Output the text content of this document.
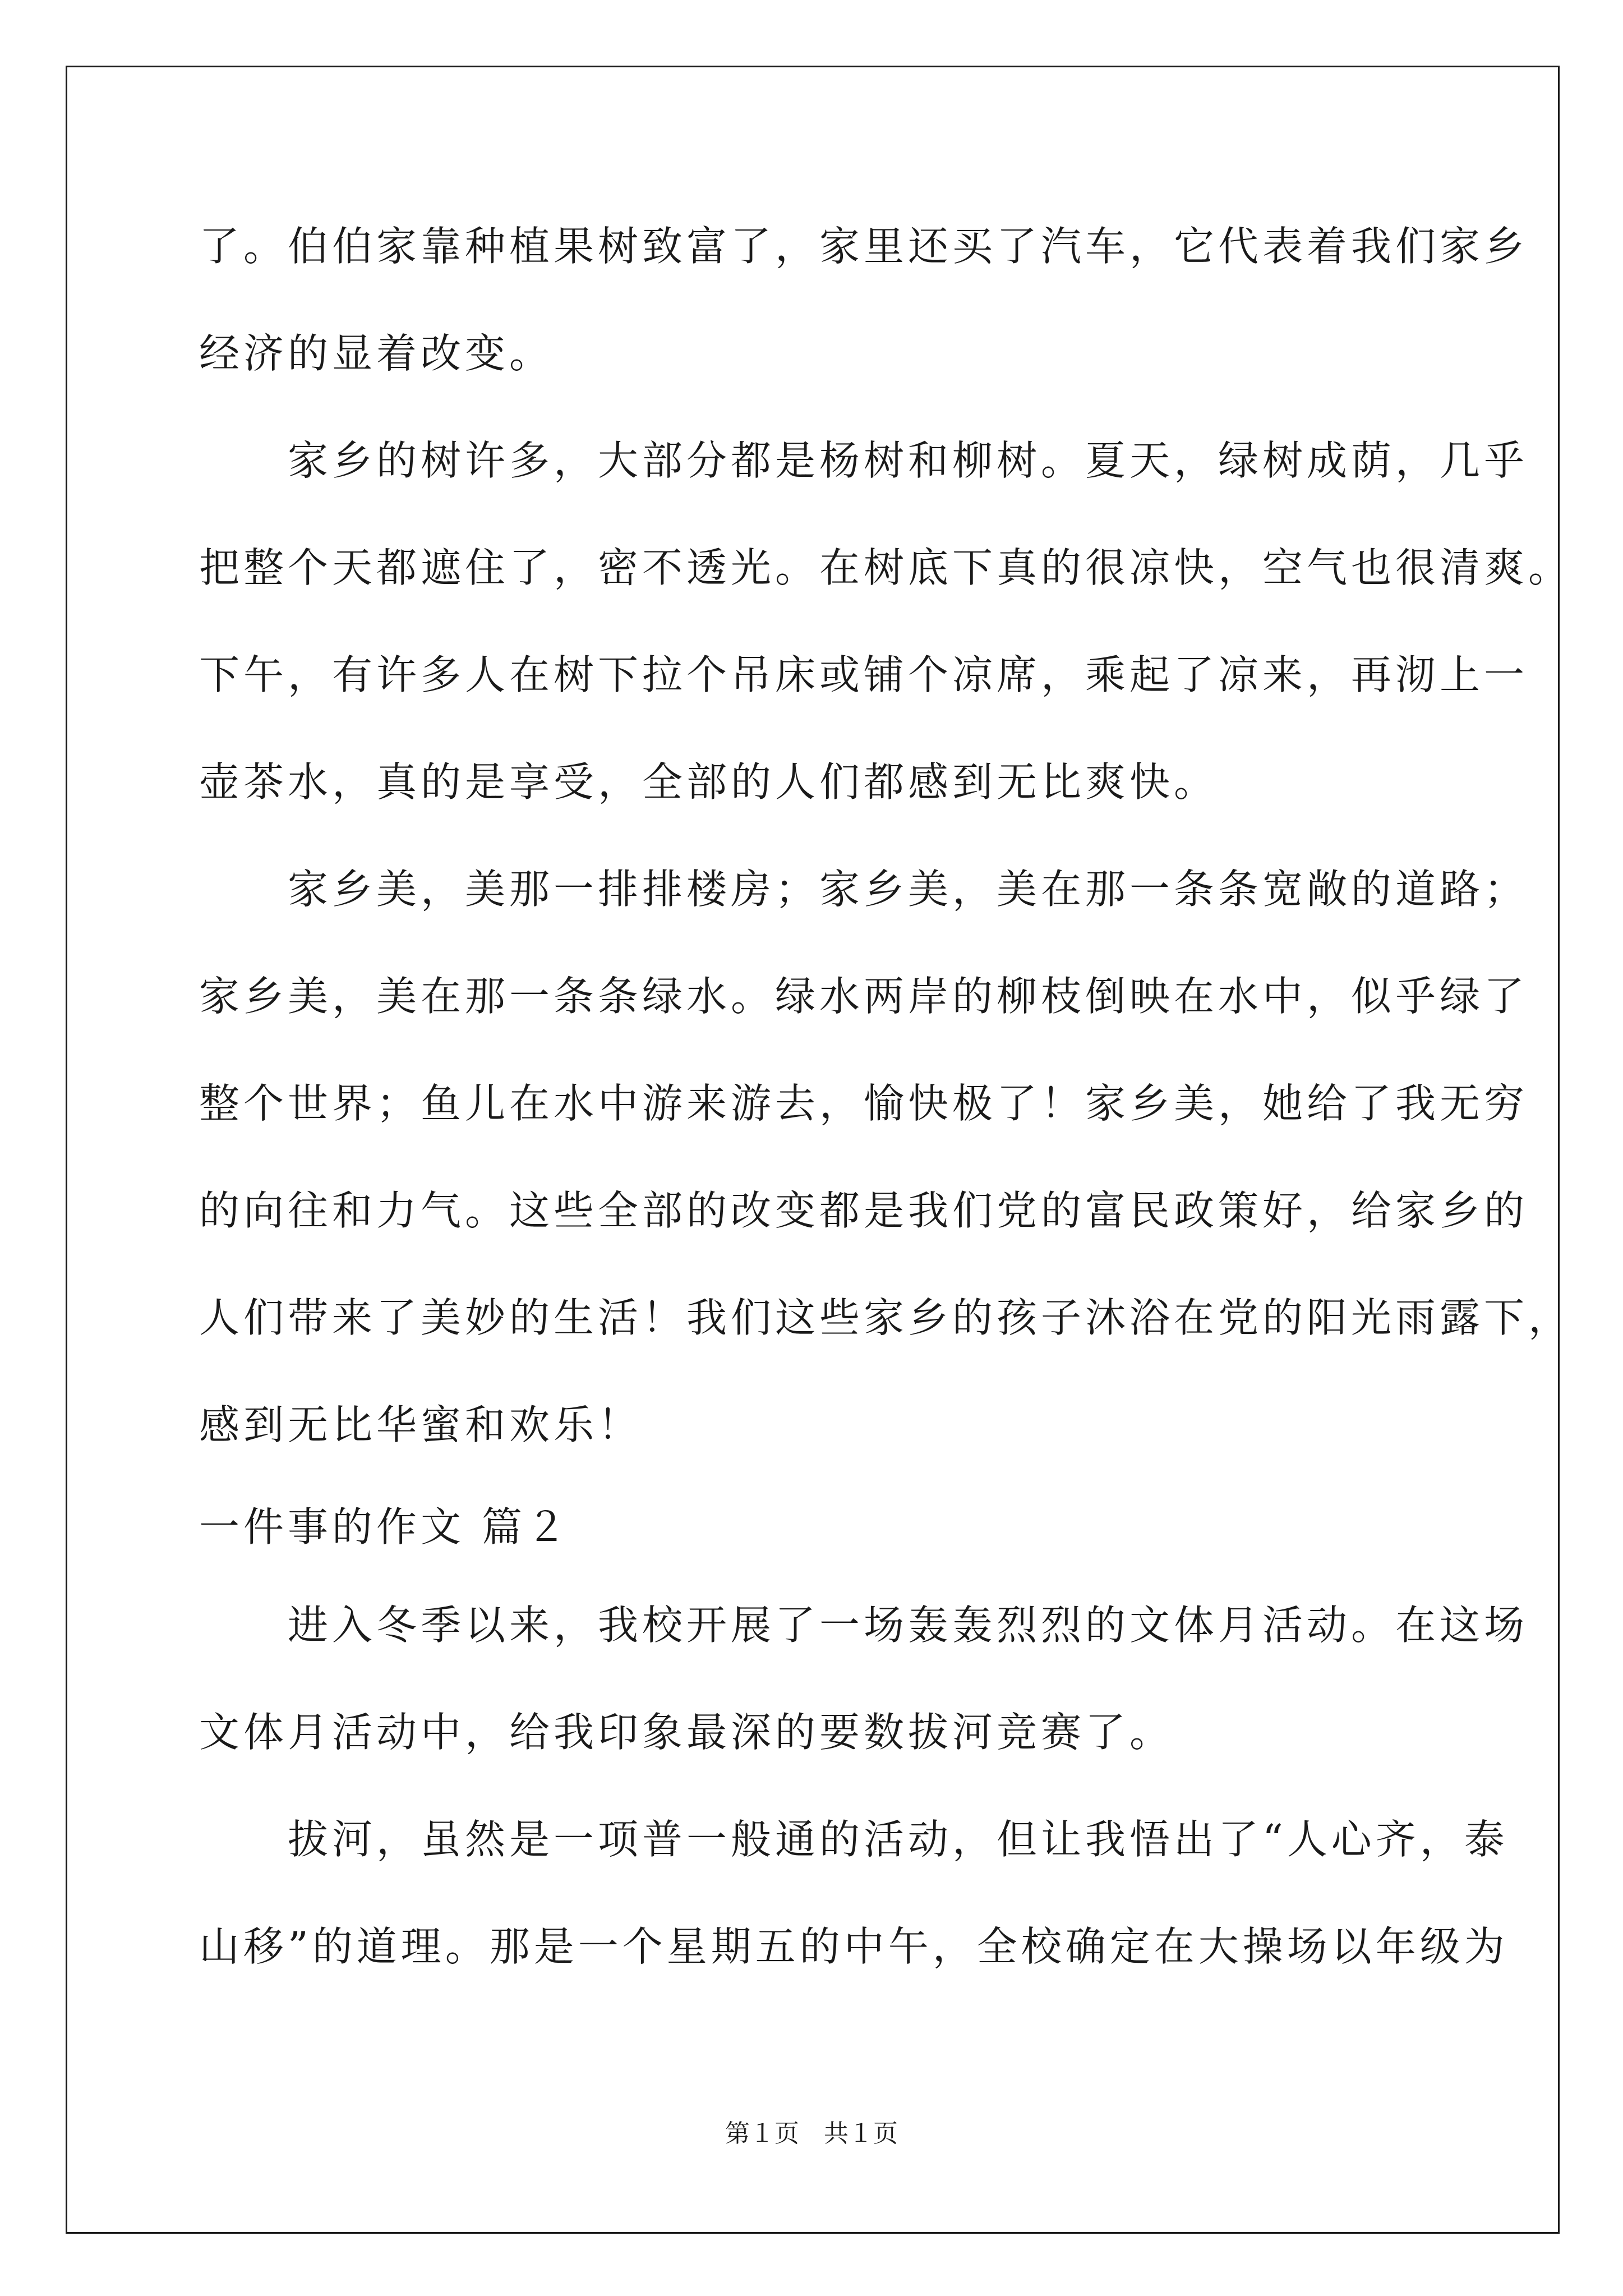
了。伯伯家靠种植果树致富了，家里还买了汽车，它代表着我们家乡
经济的显着改变。
　　家乡的树许多，大部分都是杨树和柳树。夏天，绿树成荫，几乎
把整个天都遮住了，密不透光。在树底下真的很凉快，空气也很清爽。
下午，有许多人在树下拉个吊床或铺个凉席，乘起了凉来，再沏上一
壶茶水，真的是享受，全部的人们都感到无比爽快。
　　家乡美，美那一排排楼房；家乡美，美在那一条条宽敞的道路；
家乡美，美在那一条条绿水。绿水两岸的柳枝倒映在水中，似乎绿了
整个世界；鱼儿在水中游来游去，愉快极了！家乡美，她给了我无穷
的向往和力气。这些全部的改变都是我们党的富民政策好，给家乡的
人们带来了美妙的生活！我们这些家乡的孩子沐浴在党的阳光雨露下，
感到无比华蜜和欢乐！
一件事的作文 篇２
　　进入冬季以来，我校开展了一场轰轰烈烈的文体月活动。在这场
文体月活动中，给我印象最深的要数拔河竞赛了。
　　拔河，虽然是一项普一般通的活动，但让我悟出了“人心齐，泰
山移”的道理。那是一个星期五的中午，全校确定在大操场以年级为
第１页　共１页
